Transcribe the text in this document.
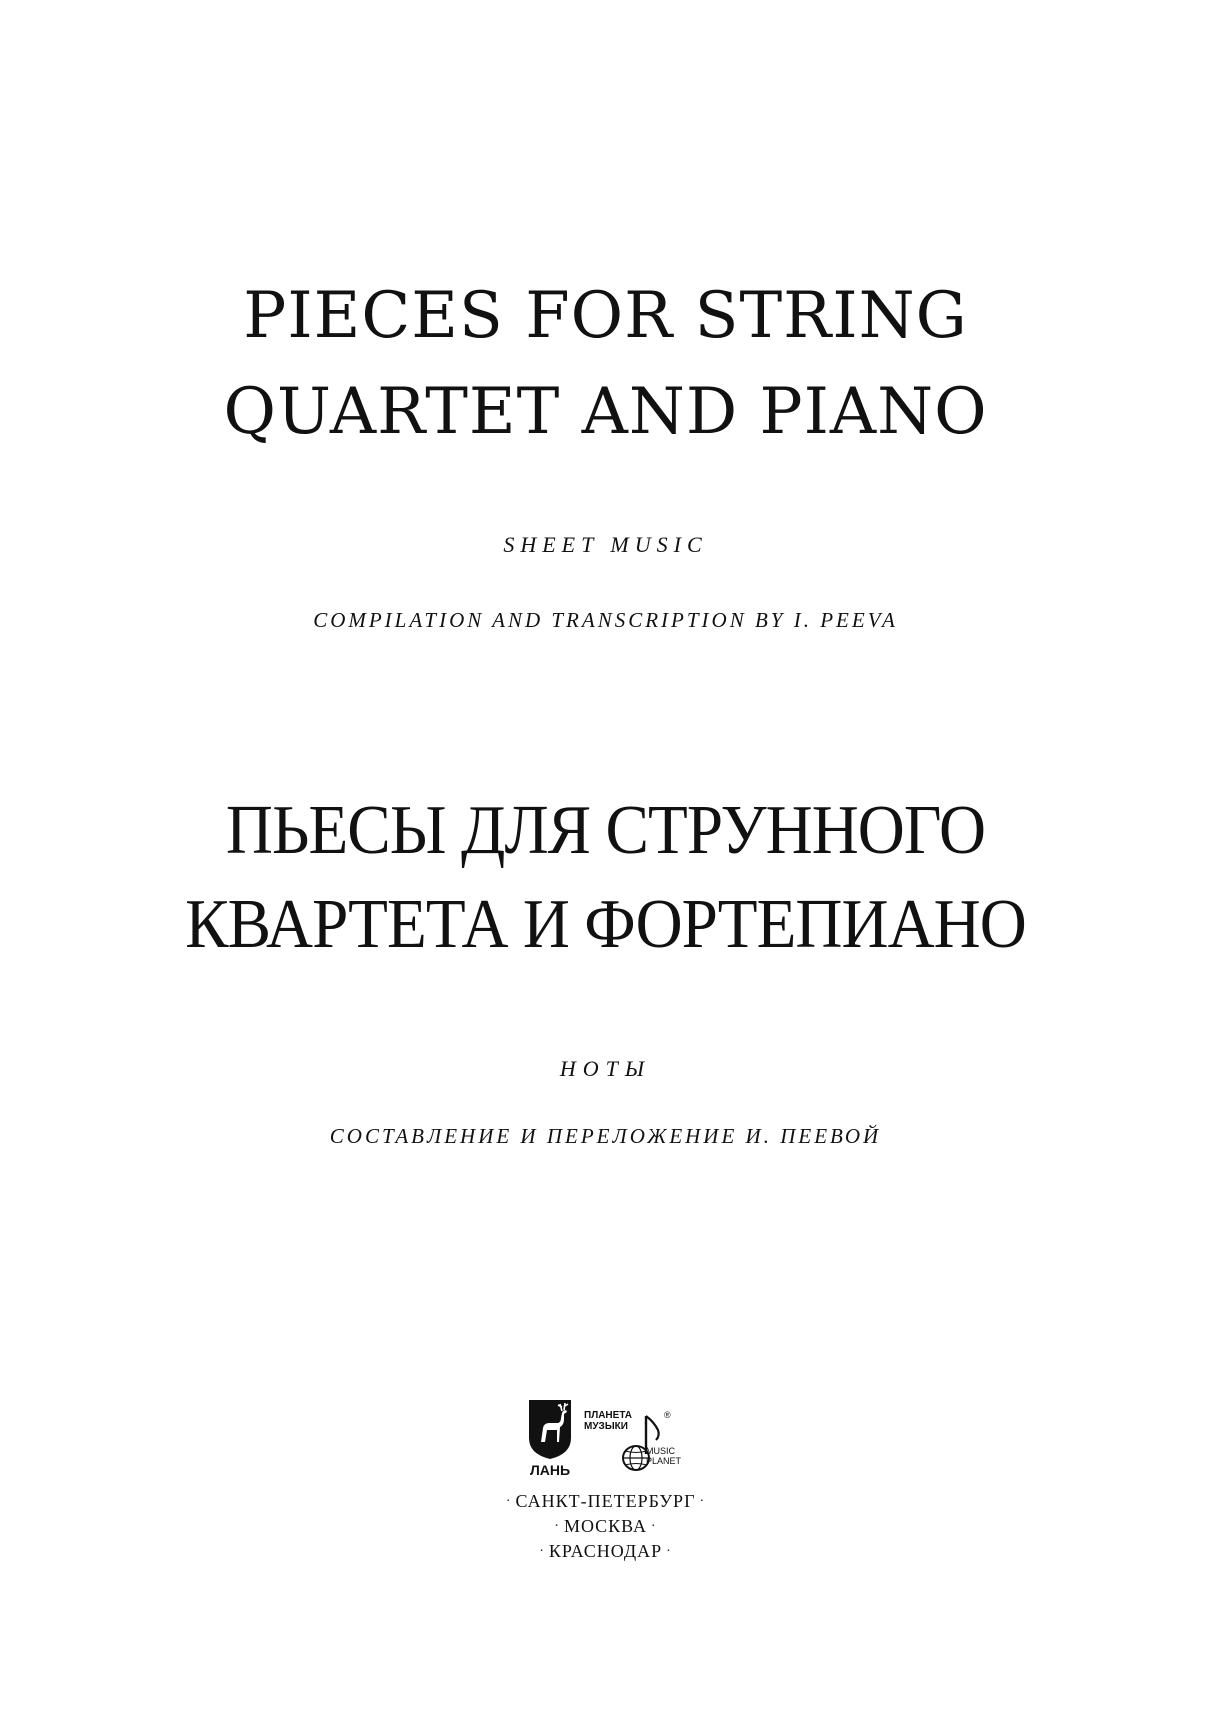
PIECES FOR STRING
QUARTET AND PIANO

SHEET MUSIC

COMPILATION AND TRANSCRIPTION BY I. PEEVA

ПЬЕСЫ ДЛЯ СТРУННОГО
КВАРТЕТА И ФОРТЕПИАНО

НОТЫ

СОСТАВЛЕНИЕ И ПЕРЕЛОЖЕНИЕ И. ПЕЕВОЙ

ЛАНЬ
ПЛАНЕТА
МУЗЫКИ
®
MUSIC
PLANET
· САНКТ-ПЕТЕРБУРГ ·
· МОСКВА ·
· КРАСНОДАР ·
